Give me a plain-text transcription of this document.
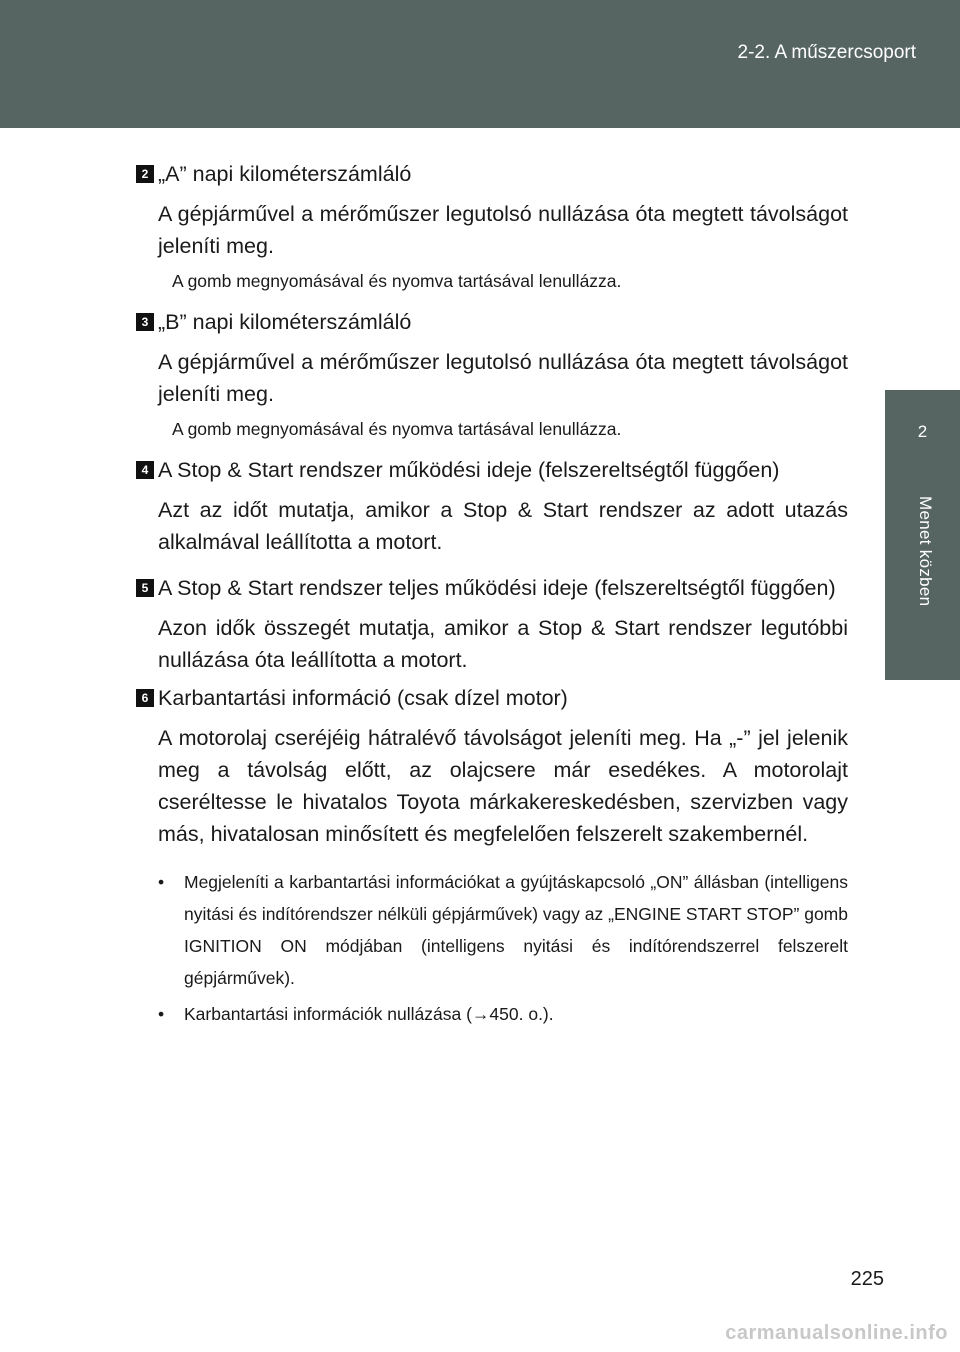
2-2. A műszercsoport
2
Menet közben
2 „A” napi kilométerszámláló
A gépjárművel a mérőműszer legutolsó nullázása óta megtett távolságot jeleníti meg.
A gomb megnyomásával és nyomva tartásával lenullázza.
3 „B” napi kilométerszámláló
A gépjárművel a mérőműszer legutolsó nullázása óta megtett távolságot jeleníti meg.
A gomb megnyomásával és nyomva tartásával lenullázza.
4 A Stop & Start rendszer működési ideje (felszereltségtől függően)
Azt az időt mutatja, amikor a Stop & Start rendszer az adott utazás alkalmával leállította a motort.
5 A Stop & Start rendszer teljes működési ideje (felszereltségtől függően)
Azon idők összegét mutatja, amikor a Stop & Start rendszer legutóbbi nullázása óta leállította a motort.
6 Karbantartási információ (csak dízel motor)
A motorolaj cseréjéig hátralévő távolságot jeleníti meg. Ha „-” jel jelenik meg a távolság előtt, az olajcsere már esedékes. A motorolajt cseréltesse le hivatalos Toyota márkakereskedésben, szervizben vagy más, hivatalosan minősített és megfelelően felszerelt szakembernél.
• Megjeleníti a karbantartási információkat a gyújtáskapcsoló „ON” állásban (intelligens nyitási és indítórendszer nélküli gépjárművek) vagy az „ENGINE START STOP” gomb IGNITION ON módjában (intelligens nyitási és indítórendszerrel felszerelt gépjárművek).
• Karbantartási információk nullázása (→450. o.).
225
carmanualsonline.info
